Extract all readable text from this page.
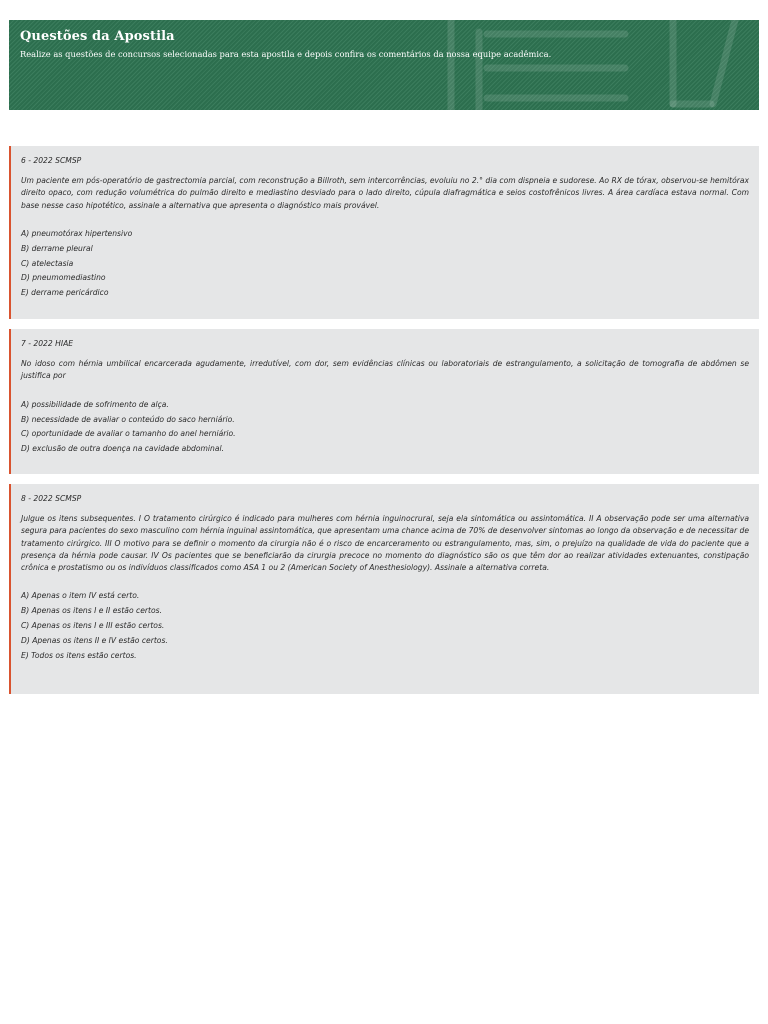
Questões da Apostila
Realize as questões de concursos selecionadas para esta apostila e depois confira os comentários da nossa equipe acadêmica.

6 - 2022 SCMSP

Um paciente em pós-operatório de gastrectomia parcial, com reconstrução a Billroth, sem intercorrências, evoluiu no 2.° dia com dispneia e sudorese. Ao RX de tórax, observou-se hemitórax direito opaco, com redução volumétrica do pulmão direito e mediastino desviado para o lado direito, cúpula diafragmática e seios costofrênicos livres. A área cardíaca estava normal. Com base nesse caso hipotético, assinale a alternativa que apresenta o diagnóstico mais provável.

A) pneumotórax hipertensivo

B) derrame pleural

C) atelectasia

D) pneumomediastino

E) derrame pericárdico

7 - 2022 HIAE

No idoso com hérnia umbilical encarcerada agudamente, irredutível, com dor, sem evidências clínicas ou laboratoriais de estrangulamento, a solicitação de tomografia de abdômen se justifica por

A) possibilidade de sofrimento de alça.

B) necessidade de avaliar o conteúdo do saco herniário.

C) oportunidade de avaliar o tamanho do anel herniário.

D) exclusão de outra doença na cavidade abdominal.

8 - 2022 SCMSP

Julgue os itens subsequentes. I O tratamento cirúrgico é indicado para mulheres com hérnia inguinocrural, seja ela sintomática ou assintomática. II A observação pode ser uma alternativa segura para pacientes do sexo masculino com hérnia inguinal assintomática, que apresentam uma chance acima de 70% de desenvolver sintomas ao longo da observação e de necessitar de tratamento cirúrgico. III O motivo para se definir o momento da cirurgia não é o risco de encarceramento ou estrangulamento, mas, sim, o prejuízo na qualidade de vida do paciente que a presença da hérnia pode causar. IV Os pacientes que se beneficiarão da cirurgia precoce no momento do diagnóstico são os que têm dor ao realizar atividades extenuantes, constipação crônica e prostatismo ou os indivíduos classificados como ASA 1 ou 2 (American Society of Anesthesiology). Assinale a alternativa correta.

A) Apenas o item IV está certo.

B) Apenas os itens I e II estão certos.

C) Apenas os itens I e III estão certos.

D) Apenas os itens II e IV estão certos.

E) Todos os itens estão certos.
